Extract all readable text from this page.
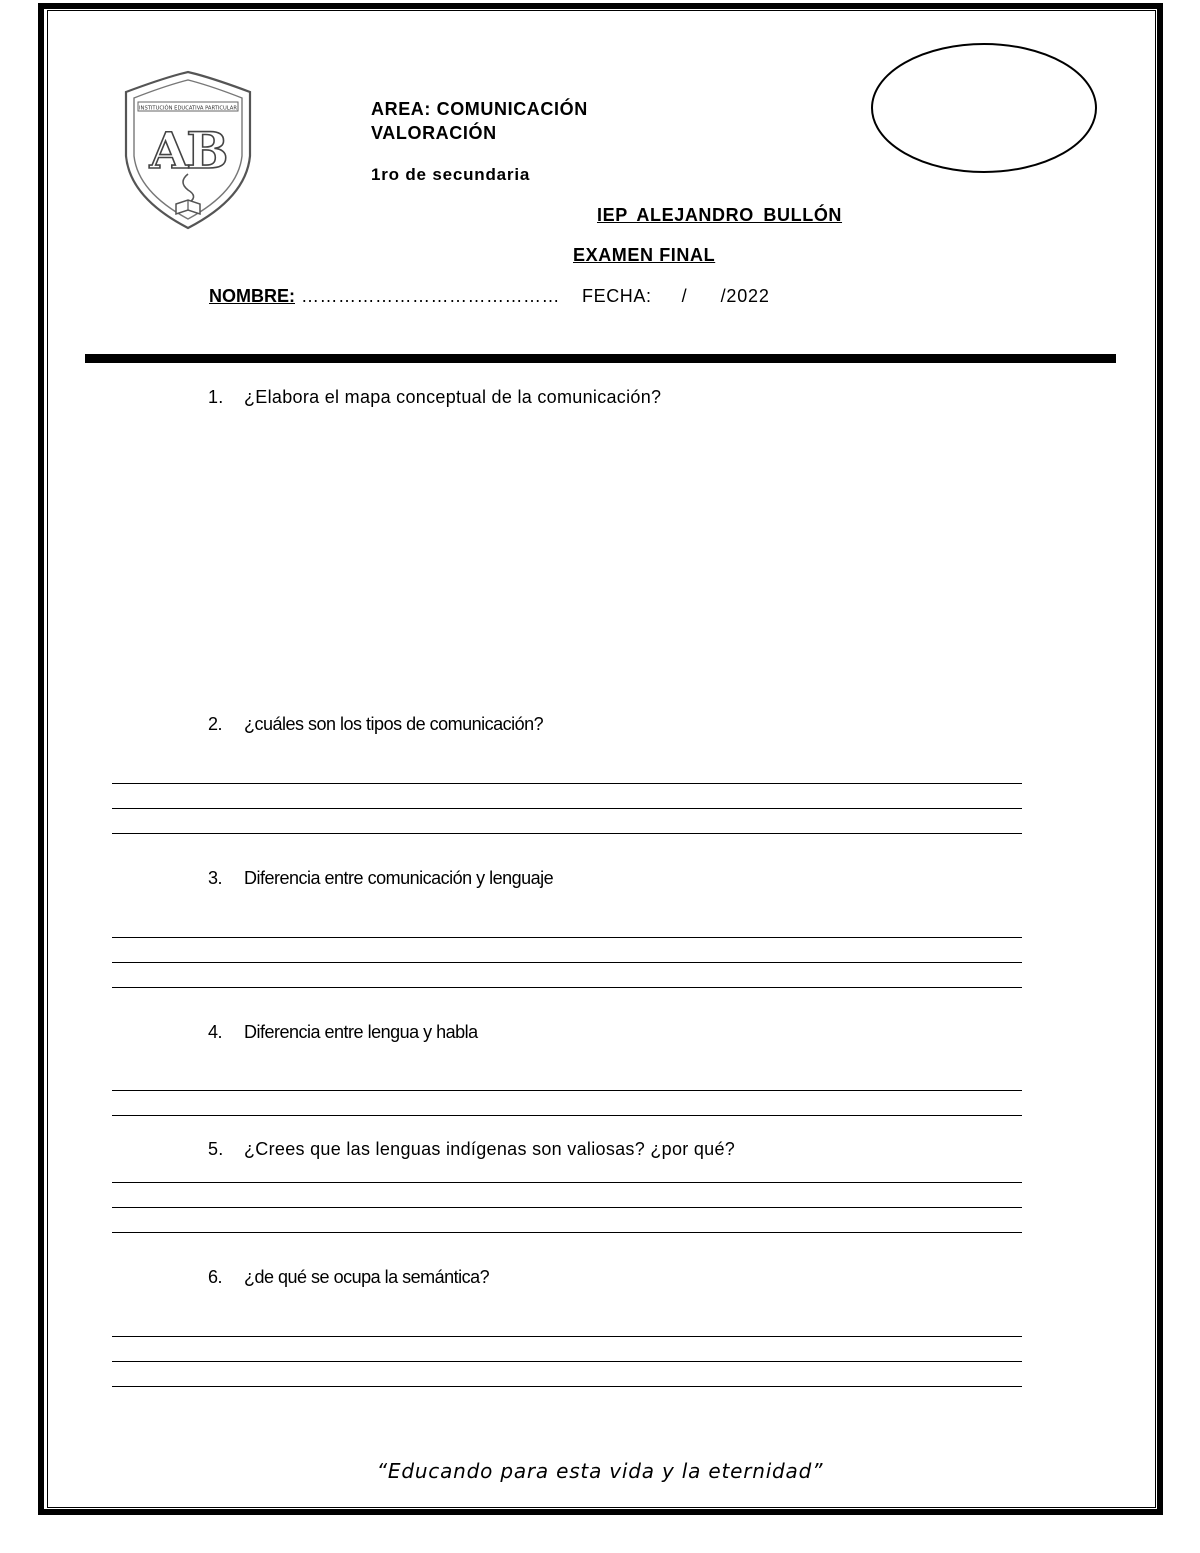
INSTITUCIÓN EDUCATIVA PARTICULAR
AB
AREA: COMUNICACIÓN
VALORACIÓN
1ro de secundaria
IEP ALEJANDRO BULLÓN
EXAMEN FINAL
NOMBRE: …………………………………… FECHA: / /2022
1. ¿Elabora el mapa conceptual de la comunicación?
2. ¿cuáles son los tipos de comunicación?
3. Diferencia entre comunicación y lenguaje
4. Diferencia entre lengua y habla
5. ¿Crees que las lenguas indígenas son valiosas? ¿por qué?
6. ¿de qué se ocupa la semántica?
“Educando para esta vida y la eternidad”
